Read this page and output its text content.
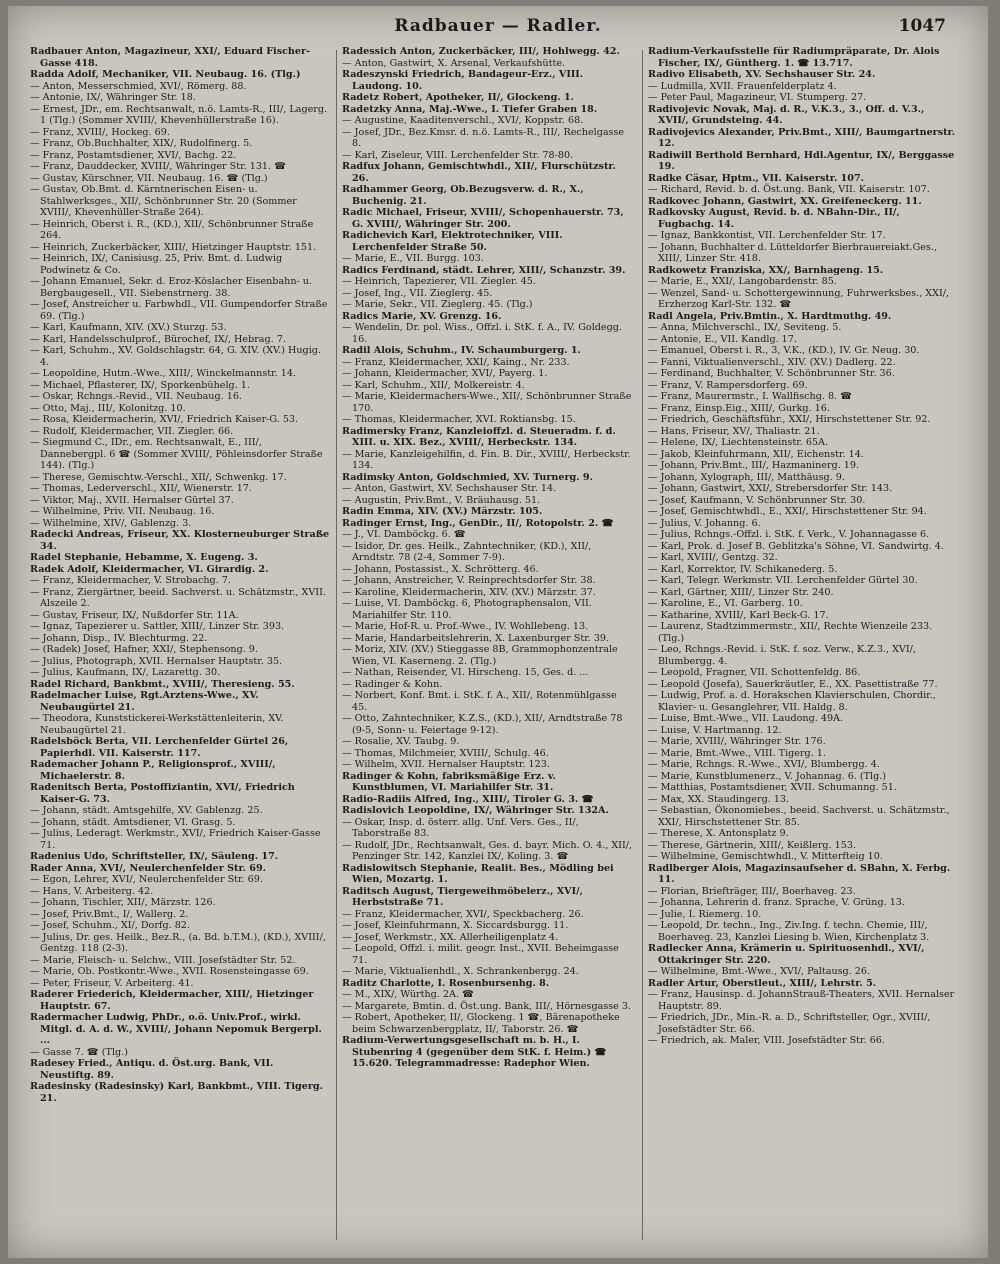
Radbauer — Radler.	1047

Radbauer Anton, Magazineur, XXI/, Eduard Fischer-Gasse 418.

Radda Adolf, Mechaniker, VII. Neubaug. 16. (Tlg.)

— Anton, Messerschmied, XVI/, Römerg. 88.

— Antonie, IX/, Währinger Str. 18.

— Ernest, JDr., em. Rechtsanwalt, n.ö. Lamts-R., III/, Lagerg. 1 (Tlg.) (Sommer XVIII/, Khevenhüllerstraße 16).

— Franz, XVIII/, Hockeg. 69.

— Franz, Ob.Buchhalter, XIX/, Rudolfinerg. 5.

— Franz, Postamtsdiener, XVI/, Bachg. 22.

— Franz, Dauddecker, XVIII/, Währinger Str. 131. ☎

— Gustav, Kürschner, VII. Neubaug. 16. ☎ (Tlg.)

— Gustav, Ob.Bmt. d. Kärntnerischen Eisen- u. Stahlwerksges., XII/, Schönbrunner Str. 20 (Sommer XVIII/, Khevenhüller-Straße 264).

— Heinrich, Oberst i. R., (KD.), XII/, Schönbrunner Straße 264.

— Heinrich, Zuckerbäcker, XIII/, Hietzinger Hauptstr. 151.

— Heinrich, IX/, Canisiusg. 25, Priv. Bmt. d. Ludwig Podwinetz & Co.

— Johann Emanuel, Sekr. d. Eroz-Köslacher Eisenbahn- u. Bergbaugesell., VII. Siebenstrnerg. 38.

— Josef, Anstreicher u. Farbwhdl., VII. Gumpendorfer Straße 69. (Tlg.)

— Karl, Kaufmann, XIV. (XV.) Sturzg. 53.

— Karl, Handelsschulprof., Bürochef, IX/, Hebrag. 7.

— Karl, Schuhm., XV. Goldschlagstr. 64, G. XIV. (XV.) Hugig. 4.

— Leopoldine, Hutm.-Wwe., XIII/, Winckelmannstr. 14.

— Michael, Pflasterer, IX/, Sporkenbühelg. 1.

— Oskar, Rchngs.-Revid., VII. Neubaug. 16.

— Otto, Maj., III/, Kolonitzg. 10.

— Rosa, Kleidermacherin, XVI/, Friedrich Kaiser-G. 53.

— Rudolf, Kleidermacher, VII. Ziegler. 66.

— Siegmund C., IDr., em. Rechtsanwalt, E., III/, Dannebergpl. 6 ☎ (Sommer XVIII/, Pöhleinsdorfer Straße 144). (Tlg.)

— Therese, Gemischtw.-Verschl., XII/, Schwenkg. 17.

— Thomas, Lederverschl., XII/, Wienerstr. 17.

— Viktor, Maj., XVII. Hernalser Gürtel 37.

— Wilhelmine, Priv. VII. Neubaug. 16.

— Wilhelmine, XIV/, Gablenzg. 3.

Radecki Andreas, Friseur, XX. Klosterneuburger Straße 34.

Radel Stephanie, Hebamme, X. Eugeng. 3.

Radek Adolf, Kleidermacher, VI. Girardig. 2.

— Franz, Kleidermacher, V. Strobachg. 7.

— Franz, Ziergärtner, beeid. Sachverst. u. Schätzmstr., XVII. Alszeile 2.

— Gustav, Friseur, IX/, Nußdorfer Str. 11A.

— Ignaz, Tapezierer u. Sattler, XIII/, Linzer Str. 393.

— Johann, Disp., IV. Blechturmg. 22.

— (Radek) Josef, Hafner, XXI/, Stephensong. 9.

— Julius, Photograph, XVII. Hernalser Hauptstr. 35.

— Julius, Kaufmann, IX/, Lazarettg. 30.

Radel Richard, Bankbmt., XVIII/, Theresieng. 55.

Radelmacher Luise, Rgt.Arztens-Wwe., XV. Neubaugürtel 21.

— Theodora, Kunststickerei-Werkstättenleiterin, XV. Neubaugürtel 21.

Radelsböck Berta, VII. Lerchenfelder Gürtel 26, Papierhdl. VII. Kaiserstr. 117.

Rademacher Johann P., Religionsprof., XVIII/, Michaelerstr. 8.

Radenitsch Berta, Postoffiziantin, XVI/, Friedrich Kaiser-G. 73.

— Johann, städt. Amtsgehilfe, XV. Gablenzg. 25.

— Johann, städt. Amtsdiener, VI. Grasg. 5.

— Julius, Lederagt. Werkmstr., XVI/, Friedrich Kaiser-Gasse 71.

Radenius Udo, Schriftsteller, IX/, Säuleng. 17.

Rader Anna, XVI/, Neulerchenfelder Str. 69.

— Egon, Lehrer, XVI/, Neulerchenfelder Str. 69.

— Hans, V. Arbeiterg. 42.

— Johann, Tischler, XII/, Märzstr. 126.

— Josef, Priv.Bmt., I/, Wallerg. 2.

— Josef, Schuhm., XI/, Dorfg. 82.

— Julius, Dr. ges. Heilk., Bez.R., (a. Bd. b.T.M.), (KD.), XVIII/, Gentzg. 118 (2-3).

— Marie, Fleisch- u. Selchw., VIII. Josefstädter Str. 52.

— Marie, Ob. Postkontr.-Wwe., XVII. Rosensteingasse 69.

— Peter, Friseur, V. Arbeiterg. 41.

Raderer Friederich, Kleidermacher, XIII/, Hietzinger Hauptstr. 67.

Radermacher Ludwig, PhDr., o.ö. Univ.Prof., wirkl. Mitgl. d. A. d. W., XVIII/, Johann Nepomuk Bergerpl. ...

— Gasse 7. ☎ (Tlg.)

Radesey Fried., Antiqu. d. Öst.urg. Bank, VII. Neustiftg. 89.

Radesinsky (Radesinsky) Karl, Bankbmt., VIII. Tigerg. 21.

Radessich Anton, Zuckerbäcker, III/, Hohlwegg. 42.

— Anton, Gastwirt, X. Arsenal, Verkaufshütte.

Radeszynski Friedrich, Bandageur-Erz., VIII. Laudong. 10.

Radetz Robert, Apotheker, II/, Glockeng. 1.

Radetzky Anna, Maj.-Wwe., I. Tiefer Graben 18.

— Augustine, Kaaditenverschl., XVI/, Koppstr. 68.

— Josef, JDr., Bez.Kmsr. d. n.ö. Lamts-R., III/, Rechelgasse 8.

— Karl, Ziseleur, VIII. Lerchenfelder Str. 78-80.

Radfux Johann, Gemischtwhdl., XII/, Flurschützstr. 26.

Radhammer Georg, Ob.Bezugsverw. d. R., X., Buchenig. 21.

Radic Michael, Friseur, XVIII/, Schopenhauerstr. 73, G. XVIII/, Währinger Str. 200.

Radichevich Karl, Elektrotechniker, VIII. Lerchenfelder Straße 50.

— Marie, E., VII. Burgg. 103.

Radics Ferdinand, städt. Lehrer, XIII/, Schanzstr. 39.

— Heinrich, Tapezierer, VII. Ziegler. 45.

— Josef, Ing., VII. Zieglerg. 45.

— Marie, Sekr., VII. Zieglerg. 45. (Tlg.)

Radics Marie, XV. Grenzg. 16.

— Wendelin, Dr. pol. Wiss., Offzl. i. StK. f. A., IV. Goldegg. 16.

Radil Alois, Schuhm., IV. Schaumburgerg. 1.

— Franz, Kleidermacher, XXI/, Kaing., Nr. 233.

— Johann, Kleidermacher, XVI/, Payerg. 1.

— Karl, Schuhm., XII/, Molkereistr. 4.

— Marie, Kleidermachers-Wwe., XII/, Schönbrunner Straße 170.

— Thomas, Kleidermacher, XVI. Roktiansbg. 15.

Radimersky Franz, Kanzleioffzl. d. Steueradm. f. d. XIII. u. XIX. Bez., XVIII/, Herbeckstr. 134.

— Marie, Kanzleigehilfin, d. Fin. B. Dir., XVIII/, Herbeckstr. 134.

Radimsky Anton, Goldschmied, XV. Turnerg. 9.

— Anton, Gastwirt, XV. Sechshauser Str. 14.

— Augustin, Priv.Bmt., V. Bräuhausg. 51.

Radin Emma, XIV. (XV.) Märzstr. 105.

Radinger Ernst, Ing., GenDir., II/, Rotopolstr. 2. ☎

— J., VI. Damböckg. 6. ☎

— Isidor, Dr. ges. Heilk., Zahntechniker, (KD.), XII/, Arndtstr. 78 (2-4, Sommer 7-9).

— Johann, Postassist., X. Schrötterg. 46.

— Johann, Anstreicher, V. Reinprechtsdorfer Str. 38.

— Karoline, Kleidermacherin, XIV. (XV.) Märzstr. 37.

— Luise, VI. Damböckg. 6, Photographensalon, VII. Mariahilfer Str. 110.

— Marie, Hof-R. u. Prof.-Wwe., IV. Wohllebeng. 13.

— Marie, Handarbeitslehrerin, X. Laxenburger Str. 39.

— Moriz, XIV. (XV.) Stieggasse 8B, Grammophonzentrale Wien, VI. Kaserneng. 2. (Tlg.)

— Nathan, Reisender, VI. Hirscheng. 15, Ges. d. ...

— Radinger & Kohn.

— Norbert, Konf. Bmt. i. StK. f. A., XII/, Rotenmühlgasse 45.

— Otto, Zahntechniker, K.Z.S., (KD.), XII/, Arndtstraße 78 (9-5, Sonn- u. Feiertage 9-12).

— Rosalie, XV. Taubg. 9.

— Thomas, Milchmeier, XVIII/, Schulg. 46.

— Wilhelm, XVII. Hernalser Hauptstr. 123.

Radinger & Kohn, fabriksmäßige Erz. v. Kunstblumen, VI. Mariahilfer Str. 31.

Radio-Radiis Alfred, Ing., XIII/, Tiroler G. 3. ☎

Radislovich Leopoldine, IX/, Währinger Str. 132A.

— Oskar, Insp. d. österr. allg. Unf. Vers. Ges., II/, Taborstraße 83.

— Rudolf, JDr., Rechtsanwalt, Ges. d. bayr. Mich. O. 4., XII/, Penzinger Str. 142, Kanzlei IX/, Koling. 3. ☎

Radislowitsch Stephanie, Realit. Bes., Mödling bei Wien, Mozartg. 1.

Raditsch August, Tiergeweihmöbelerz., XVI/, Herbststraße 71.

— Franz, Kleidermacher, XVI/, Speckbacherg. 26.

— Josef, Kleinfuhrmann, X. Siccardsburgg. 11.

— Josef, Werkmstr., XX. Allerheiligenplatz 4.

— Leopold, Offzl. i. milit. geogr. Inst., XVII. Beheimgasse 71.

— Marie, Viktualienhdl., X. Schrankenbergg. 24.

Raditz Charlotte, I. Rosenbursenhg. 8.

— M., XIX/, Würthg. 2A. ☎

— Margarete, Bmtin. d. Öst.ung. Bank, III/, Hörnesgasse 3.

— Robert, Apotheker, II/, Glockeng. 1 ☎, Bärenapotheke beim Schwarzenbergplatz, II/, Taborstr. 26. ☎

Radium-Verwertungsgesellschaft m. b. H., I. Stubenring 4 (gegenüber dem StK. f. Heim.) ☎ 15.620. Telegrammadresse: Radephor Wien.

Radium-Verkaufsstelle für Radiumpräparate, Dr. Alois Fischer, IX/, Güntherg. 1. ☎ 13.717.

Radivo Elisabeth, XV. Sechshauser Str. 24.

— Ludmilla, XVII. Frauenfelderplatz 4.

— Peter Paul, Magazineur, VI. Stumperg. 27.

Radivojevic Novak, Maj. d. R., V.K.3., 3., Off. d. V.3., XVII/, Grundsteing. 44.

Radivojevics Alexander, Priv.Bmt., XIII/, Baumgartnerstr. 12.

Radiwill Berthold Bernhard, Hdl.Agentur, IX/, Berggasse 19.

Radke Cäsar, Hptm., VII. Kaiserstr. 107.

— Richard, Revid. b. d. Öst.ung. Bank, VII. Kaiserstr. 107.

Radkovec Johann, Gastwirt, XX. Greifeneckerg. 11.

Radkovsky August, Revid. b. d. NBahn-Dir., II/, Fugbachg. 14.

— Ignaz, Bankkontist, VII. Lerchenfelder Str. 17.

— Johann, Buchhalter d. Lütteldorfer Bierbrauereiakt.Ges., XIII/, Linzer Str. 418.

Radkowetz Franziska, XX/, Barnhageng. 15.

— Marie, E., XXI/, Langobardenstr. 85.

— Wenzel, Sand- u. Schottergewinnung, Fuhrwerksbes., XXI/, Erzherzog Karl-Str. 132. ☎

Radl Angela, Priv.Bmtin., X. Hardtmuthg. 49.

— Anna, Milchverschl., IX/, Seviteng. 5.

— Antonie, E., VII. Kandlg. 17.

— Emanuel, Oberst i. R., 3, V.K., (KD.), IV. Gr. Neug. 30.

— Fanni, Viktualienverschl., XIV. (XV.) Dadlerg. 22.

— Ferdinand, Buchhalter, V. Schönbrunner Str. 36.

— Franz, V. Rampersdorferg. 69.

— Franz, Maurermstr., I. Wallfischg. 8. ☎

— Franz, Einsp.Eig., XIII/, Gurkg. 16.

— Friedrich, Geschäftsführ., XXI/, Hirschstettener Str. 92.

— Hans, Friseur, XV/, Thaliastr. 21.

— Helene, IX/, Liechtensteinstr. 65A.

— Jakob, Kleinfuhrmann, XII/, Eichenstr. 14.

— Johann, Priv.Bmt., III/, Hazmaninerg. 19.

— Johann, Xylograph, III/, Matthäusg. 9.

— Johann, Gastwirt, XXI/, Strebersdorfer Str. 143.

— Josef, Kaufmann, V. Schönbrunner Str. 30.

— Josef, Gemischtwhdl., E., XXI/, Hirschstettener Str. 94.

— Julius, V. Johanng. 6.

— Julius, Rchngs.-Offzl. i. StK. f. Verk., V. Johannagasse 6.

— Karl, Prok. d. Josef B. Geblitzka's Söhne, VI. Sandwirtg. 4.

— Karl, XVIII/, Gentzg. 32.

— Karl, Korrektor, IV. Schikanederg. 5.

— Karl, Telegr. Werkmstr. VII. Lerchenfelder Gürtel 30.

— Karl, Gärtner, XIII/, Linzer Str. 240.

— Karoline, E., VI. Garberg. 10.

— Katharine, XVIII/, Karl Beck-G. 17.

— Laurenz, Stadtzimmermstr., XII/, Rechte Wienzeile 233. (Tlg.)

— Leo, Rchngs.-Revid. i. StK. f. soz. Verw., K.Z.3., XVI/, Blumbergg. 4.

— Leopold, Fragner, VII. Schottenfeldg. 86.

— Leopold (Josefa), Sauerkräutler, E., XX. Pasettistraße 77.

— Ludwig, Prof. a. d. Horakschen Klavierschulen, Chordir., Klavier- u. Gesanglehrer, VII. Haldg. 8.

— Luise, Bmt.-Wwe., VII. Laudong. 49A.

— Luise, V. Hartmanng. 12.

— Marie, XVIII/, Währinger Str. 176.

— Marie, Bmt.-Wwe., VIII. Tigerg. 1.

— Marie, Rchngs. R.-Wwe., XVI/, Blumbergg. 4.

— Marie, Kunstblumenerz., V. Johannag. 6. (Tlg.)

— Matthias, Postamtsdiener, XVII. Schumanng. 51.

— Max, XX. Staudingerg. 13.

— Sebastian, Ökonomiebes., beeid. Sachverst. u. Schätzmstr., XXI/, Hirschstettener Str. 85.

— Therese, X. Antonsplatz 9.

— Therese, Gärtnerin, XIII/, Keißlerg. 153.

— Wilhelmine, Gemischtwhdl., V. Mitterfteig 10.

Radlberger Alois, Magazinsaufseher d. SBahn, X. Ferbg. 11.

— Florian, Briefträger, III/, Boerhaveg. 23.

— Johanna, Lehrerin d. franz. Sprache, V. Grüng. 13.

— Julie, I. Riemerg. 10.

— Leopold, Dr. techn., Ing., Ziv.Ing. f. techn. Chemie, III/, Boerhaveg. 23, Kanzlei Liesing b. Wien, Kirchenplatz 3.

Radlecker Anna, Krämerin u. Spirituosenhdl., XVI/, Ottakringer Str. 220.

— Wilhelmine, Bmt.-Wwe., XVI/, Paltausg. 26.

Radler Artur, Oberstleut., XIII/, Lehrstr. 5.

— Franz, Hausinsp. d. JohannStrauß-Theaters, XVII. Hernalser Hauptstr. 89.

— Friedrich, JDr., Min.-R. a. D., Schriftsteller, Ogr., XVIII/, Josefstädter Str. 66.

— Friedrich, ak. Maler, VIII. Josefstädter Str. 66.
